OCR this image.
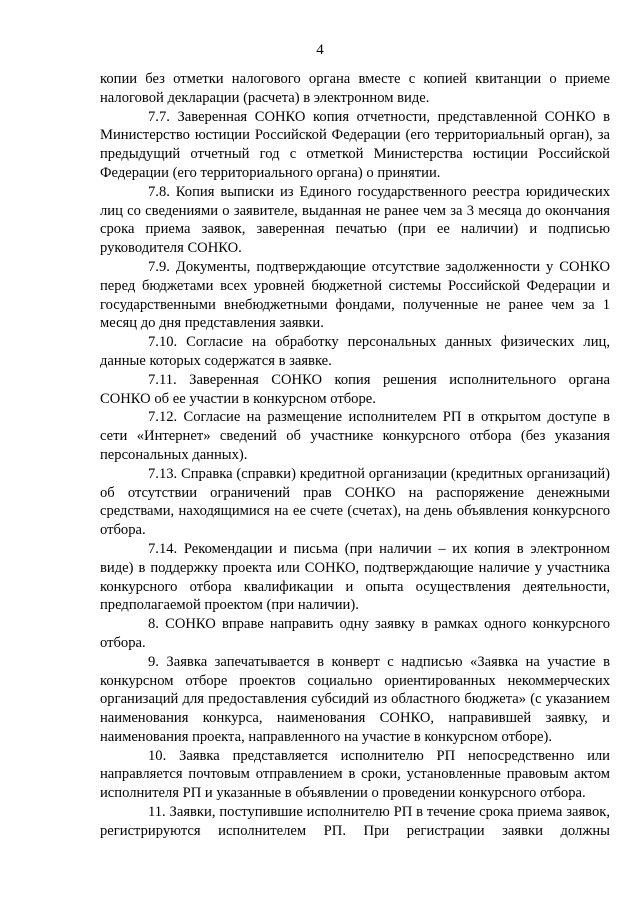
4

копии без отметки налогового органа вместе с копией квитанции о приеме налоговой декларации (расчета) в электронном виде.

7.7. Заверенная СОНКО копия отчетности, представленной СОНКО в Министерство юстиции Российской Федерации (его территориальный орган), за предыдущий отчетный год с отметкой Министерства юстиции Российской Федерации (его территориального органа) о принятии.

7.8. Копия выписки из Единого государственного реестра юридических лиц со сведениями о заявителе, выданная не ранее чем за 3 месяца до окончания срока приема заявок, заверенная печатью (при ее наличии) и подписью руководителя СОНКО.

7.9. Документы, подтверждающие отсутствие задолженности у СОНКО перед бюджетами всех уровней бюджетной системы Российской Федерации и государственными внебюджетными фондами, полученные не ранее чем за 1 месяц до дня представления заявки.

7.10. Согласие на обработку персональных данных физических лиц, данные которых содержатся в заявке.

7.11. Заверенная СОНКО копия решения исполнительного органа СОНКО об ее участии в конкурсном отборе.

7.12. Согласие на размещение исполнителем РП в открытом доступе в сети «Интернет» сведений об участнике конкурсного отбора (без указания персональных данных).

7.13. Справка (справки) кредитной организации (кредитных организаций) об отсутствии ограничений прав СОНКО на распоряжение денежными средствами, находящимися на ее счете (счетах), на день объявления конкурсного отбора.

7.14. Рекомендации и письма (при наличии – их копия в электронном виде) в поддержку проекта или СОНКО, подтверждающие наличие у участника конкурсного отбора квалификации и опыта осуществления деятельности, предполагаемой проектом (при наличии).

8. СОНКО вправе направить одну заявку в рамках одного конкурсного отбора.

9. Заявка запечатывается в конверт с надписью «Заявка на участие в конкурсном отборе проектов социально ориентированных некоммерческих организаций для предоставления субсидий из областного бюджета» (с указанием наименования конкурса, наименования СОНКО, направившей заявку, и наименования проекта, направленного на участие в конкурсном отборе).

10. Заявка представляется исполнителю РП непосредственно или направляется почтовым отправлением в сроки, установленные правовым актом исполнителя РП и указанные в объявлении о проведении конкурсного отбора.

11. Заявки, поступившие исполнителю РП в течение срока приема заявок, регистрируются исполнителем РП. При регистрации заявки должны
